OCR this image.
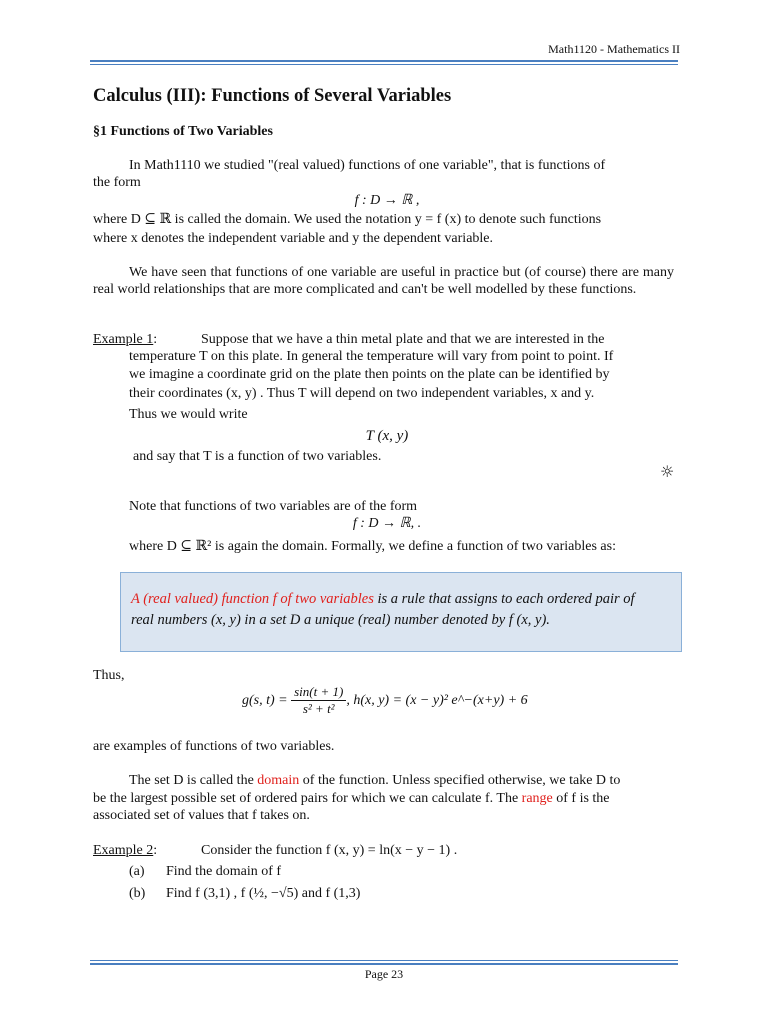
Math1120 - Mathematics II
Calculus (III): Functions of Several Variables
§1 Functions of Two Variables
In Math1110 we studied "(real valued) functions of one variable", that is functions of
the form
f : D → ℝ ,
where D ⊆ ℝ is called the domain. We used the notation y = f (x) to denote such functions
where x denotes the independent variable and y the dependent variable.
We have seen that functions of one variable are useful in practice but (of course) there are many real world relationships that are more complicated and can't be well modelled by these functions.
Example 1:	Suppose that we have a thin metal plate and that we are interested in the
temperature T on this plate. In general the temperature will vary from point to point. If
we imagine a coordinate grid on the plate then points on the plate can be identified by
their coordinates (x, y) . Thus T will depend on two independent variables, x and y.
Thus we would write
T (x, y)
and say that T is a function of two variables.
☼
Note that functions of two variables are of the form
f : D → ℝ, .
where D ⊆ ℝ² is again the domain. Formally, we define a function of two variables as:
A (real valued) function f of two variables is a rule that assigns to each ordered pair of
real numbers (x, y) in a set D a unique (real) number denoted by f (x, y).
Thus,
g(s, $t) = \frac{\sin(t + 1)}{\text{s² + t²}}$ , h(x, y) = (x − y)² e^−(x+y) + 6
are examples of functions of two variables.
The set D is called the domain of the function. Unless specified otherwise, we take D to
be the largest possible set of ordered pairs for which we can calculate f. The range of f is the
associated set of values that f takes on.
Example 2:	Consider the function f (x, y) = ln(x − y − 1) .
(a) Find the domain of f
(b) Find f (3,1) , f (½, −√5) and f (1,3)
Page 23
